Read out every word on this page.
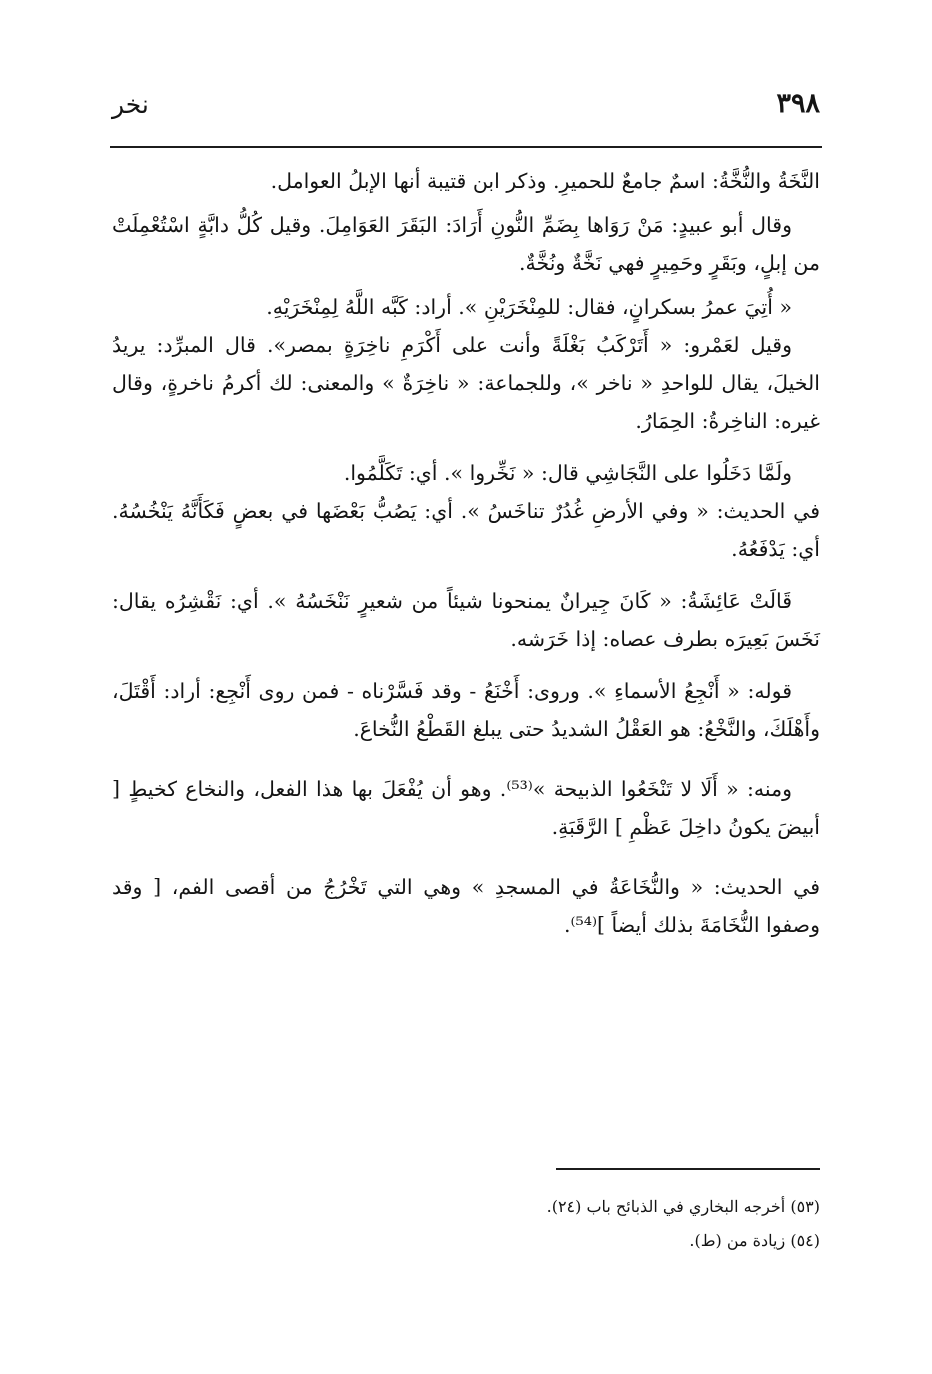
٣٩٨
نخر

النَّخَةُ والنُّخَّةُ: اسمٌ جامعٌ للحميرِ. وذكر ابن قتيبة أنها الإبلُ العوامل.

وقال أبو عبيدٍ: مَنْ رَوَاها بِضَمِّ النُّونِ أَرَادَ: البَقَرَ العَوَامِلَ. وقيل كُلُّ دابَّةٍ اسْتُعْمِلَتْ من إبلٍ، وبَقَرٍ وحَمِيرٍ فهي نَخَّةٌ ونُخَّةٌ.

« أُتِيَ عمرُ بسكرانٍ، فقال: للمِنْخَرَيْنِ ». أراد: كَبَّه اللَّهُ لِمِنْخَرَيْهِ.

وقيل لعَمْرو: « أَتَرْكَبُ بَغْلَةً وأنت على أَكْرَمِ ناخِرَةٍ بمصر». قال المبرِّد: يريدُ الخيلَ، يقال للواحدِ « ناخر »، وللجماعة: « ناخِرَةٌ » والمعنى: لك أكرمُ ناخرةٍ، وقال غيره: الناخِرةُ: الحِمَارُ.

ولَمَّا دَخَلُوا على النَّجَاشِي قال: « نَخِّروا ». أي: تَكَلَّمُوا.

في الحديث: « وفي الأرضِ غُدُرٌ تناخَسُ ». أي: يَصُبُّ بَعْضَها في بعضٍ فَكَأَنَّهُ يَنْخُسُهُ. أي: يَدْفَعُهُ.

قَالَتْ عَائِشَةُ: « كَانَ جِيرانٌ يمنحونا شيئاً من شعيرٍ نَنْخَسُهُ ». أي: نَقْشِرُه يقال: نَخَسَ بَعِيرَه بطرف عصاه: إذا خَرَشه.

قوله: « أَنْجِعُ الأسماءِ ». وروى: أَخْنَعُ - وقد فَسَّرْناه - فمن روى أَنْجِع: أراد: أَقْتَلَ، وأَهْلَكَ، والنَّخْعُ: هو العَقْلُ الشديدُ حتى يبلغ القَطْعُ النُّخاعَ.

ومنه: « أَلَا لا تَنْخَعُوا الذبيحة »⁽⁵³⁾. وهو أن يُفْعَلَ بها هذا الفعل، والنخاع كخيطٍ [ أبيضَ يكونُ داخِلَ عَظْمِ ] الرَّقَبَةِ.

في الحديث: « والنُّخَاعَةُ في المسجدِ » وهي التي تَخْرُجُ من أقصى الفم، [ وقد وصفوا النُّخَامَةَ بذلك أيضاً ]⁽⁵⁴⁾.

(٥٣) أخرجه البخاري في الذبائح باب (٢٤).

(٥٤) زيادة من (ط).
